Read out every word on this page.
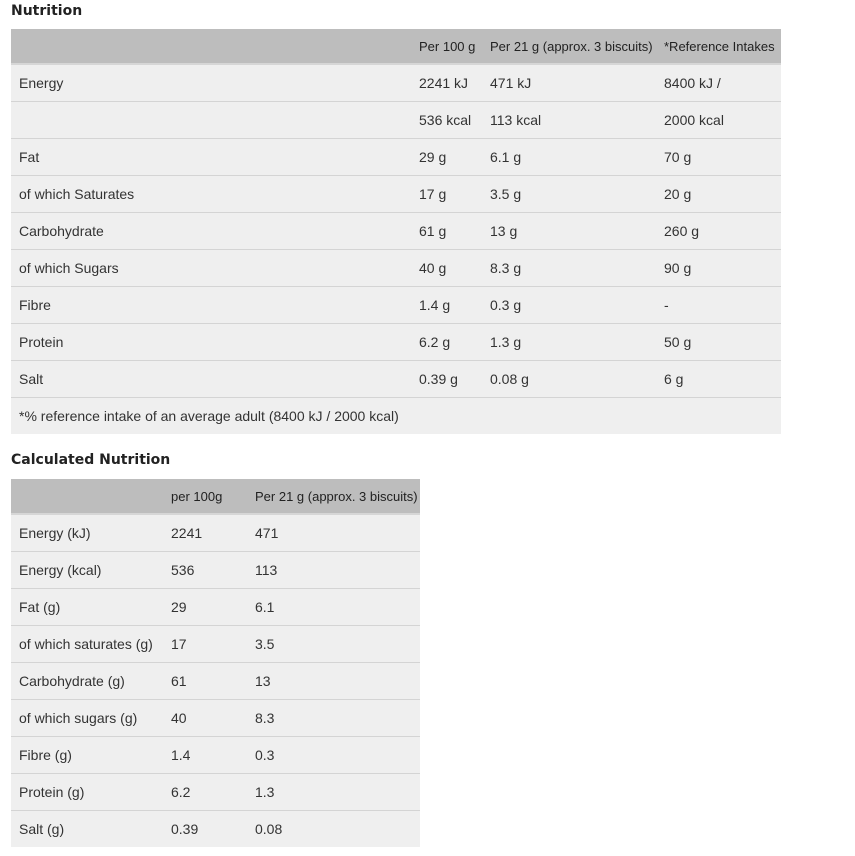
Nutrition
	Per 100 g	Per 21 g (approx. 3 biscuits)	*Reference Intakes
Energy	2241 kJ	471 kJ	8400 kJ /
	536 kcal	113 kcal	2000 kcal
Fat	29 g	6.1 g	70 g
of which Saturates	17 g	3.5 g	20 g
Carbohydrate	61 g	13 g	260 g
of which Sugars	40 g	8.3 g	90 g
Fibre	1.4 g	0.3 g	-
Protein	6.2 g	1.3 g	50 g
Salt	0.39 g	0.08 g	6 g
*% reference intake of an average adult (8400 kJ / 2000 kcal)			
Calculated Nutrition
	per 100g	Per 21 g (approx. 3 biscuits)
Energy (kJ)	2241	471
Energy (kcal)	536	113
Fat (g)	29	6.1
of which saturates (g)	17	3.5
Carbohydrate (g)	61	13
of which sugars (g)	40	8.3
Fibre (g)	1.4	0.3
Protein (g)	6.2	1.3
Salt (g)	0.39	0.08
